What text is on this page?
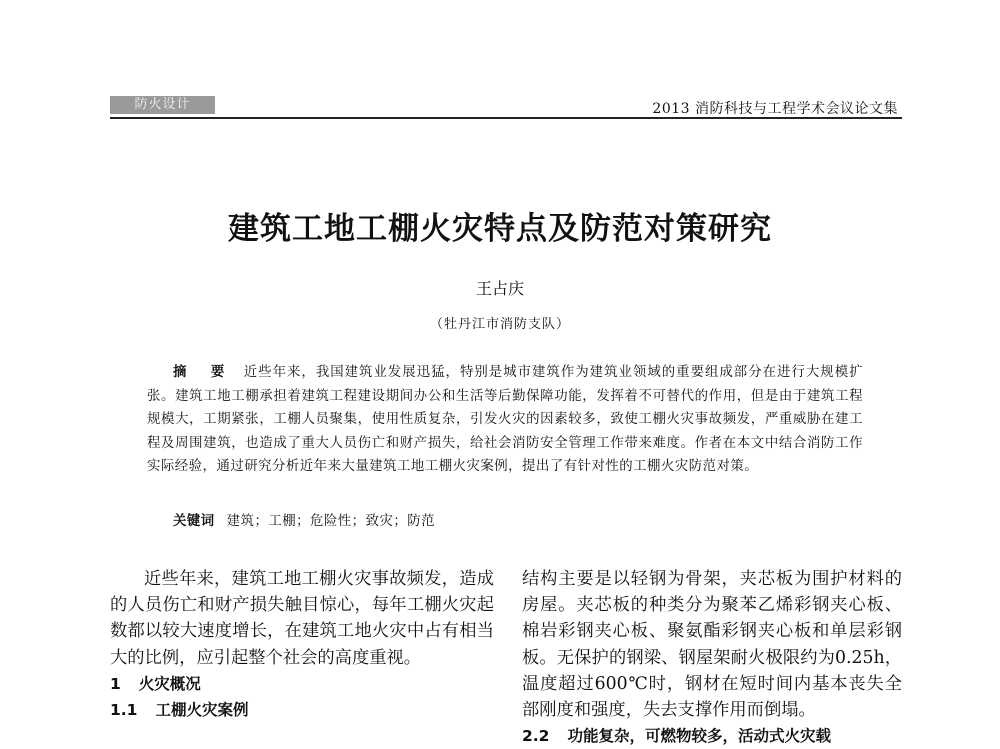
防火设计	2013 消防科技与工程学术会议论文集
建筑工地工棚火灾特点及防范对策研究
王占庆
（牡丹江市消防支队）
摘　要 近些年来，我国建筑业发展迅猛，特别是城市建筑作为建筑业领域的重要组成部分在进行大规模扩张。建筑工地工棚承担着建筑工程建设期间办公和生活等后勤保障功能，发挥着不可替代的作用，但是由于建筑工程规模大，工期紧张，工棚人员聚集，使用性质复杂，引发火灾的因素较多，致使工棚火灾事故频发，严重威胁在建工程及周围建筑，也造成了重大人员伤亡和财产损失，给社会消防安全管理工作带来难度。作者在本文中结合消防工作实际经验，通过研究分析近年来大量建筑工地工棚火灾案例，提出了有针对性的工棚火灾防范对策。
关键词 建筑；工棚；危险性；致灾；防范

近些年来，建筑工地工棚火灾事故频发，造成的人员伤亡和财产损失触目惊心，每年工棚火灾起数都以较大速度增长，在建筑工地火灾中占有相当大的比例，应引起整个社会的高度重视。

1 火灾概况

1.1 工棚火灾案例

结构主要是以轻钢为骨架，夹芯板为围护材料的房屋。夹芯板的种类分为聚苯乙烯彩钢夹心板、棉岩彩钢夹心板、聚氨酯彩钢夹心板和单层彩钢板。无保护的钢梁、钢屋架耐火极限约为0.25h，温度超过600℃时，钢材在短时间内基本丧失全部刚度和强度，失去支撑作用而倒塌。

2.2 功能复杂，可燃物较多，活动式火灾载
